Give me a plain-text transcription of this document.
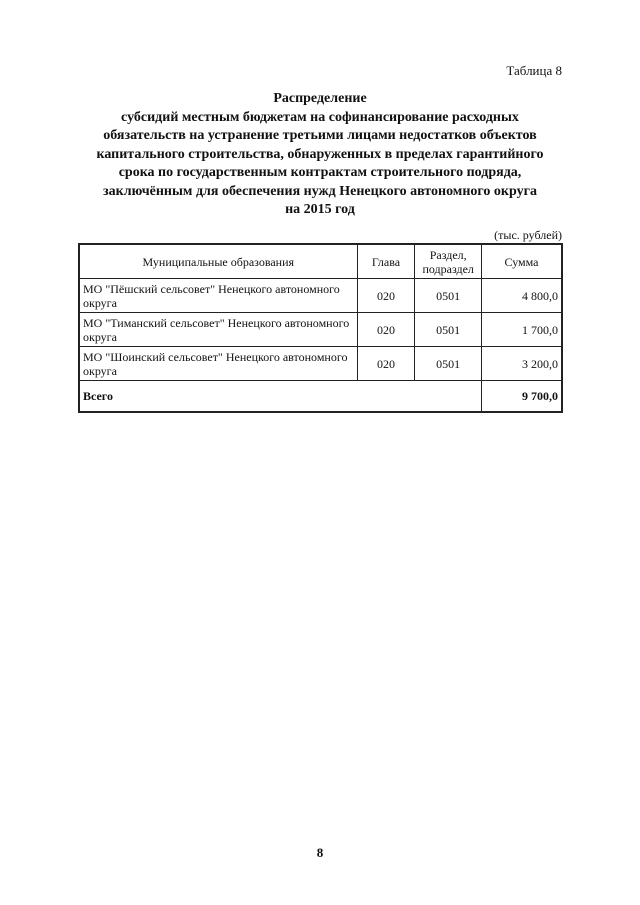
Таблица 8
Распределение
субсидий местным бюджетам на софинансирование расходных
обязательств на устранение третьими лицами недостатков объектов
капитального строительства, обнаруженных в пределах гарантийного
срока по государственным контрактам строительного подряда,
заключённым для обеспечения нужд Ненецкого автономного округа
на 2015 год
(тыс. рублей)
Муниципальные образования	Глава	Раздел, подраздел	Сумма
МО "Пёшский сельсовет" Ненецкого автономного округа	020	0501	4 800,0
МО "Тиманский сельсовет" Ненецкого автономного округа	020	0501	1 700,0
МО "Шоинский сельсовет" Ненецкого автономного округа	020	0501	3 200,0
Всего			9 700,0
8
